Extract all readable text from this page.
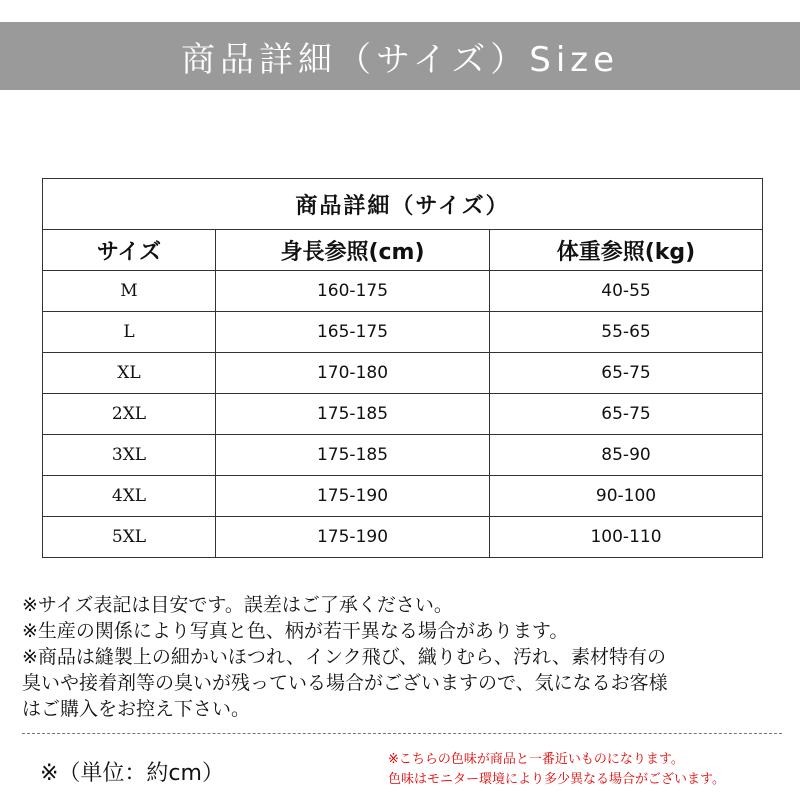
商品詳細（サイズ）Size
商品詳細（サイズ）		
サイズ	身長参照(cm)	体重参照(kg)
M	160-175	40-55
L	165-175	55-65
XL	170-180	65-75
2XL	175-185	65-75
3XL	175-185	85-90
4XL	175-190	90-100
5XL	175-190	100-110
※サイズ表記は目安です。誤差はご了承ください。
※生産の関係により写真と色、柄が若干異なる場合があります。
※商品は縫製上の細かいほつれ、インク飛び、織りむら、汚れ、素材特有の
臭いや接着剤等の臭いが残っている場合がございますので、気になるお客様
はご購入をお控え下さい。
※（単位：約cm）
※こちらの色味が商品と一番近いものになります。
色味はモニター環境により多少異なる場合がございます。
